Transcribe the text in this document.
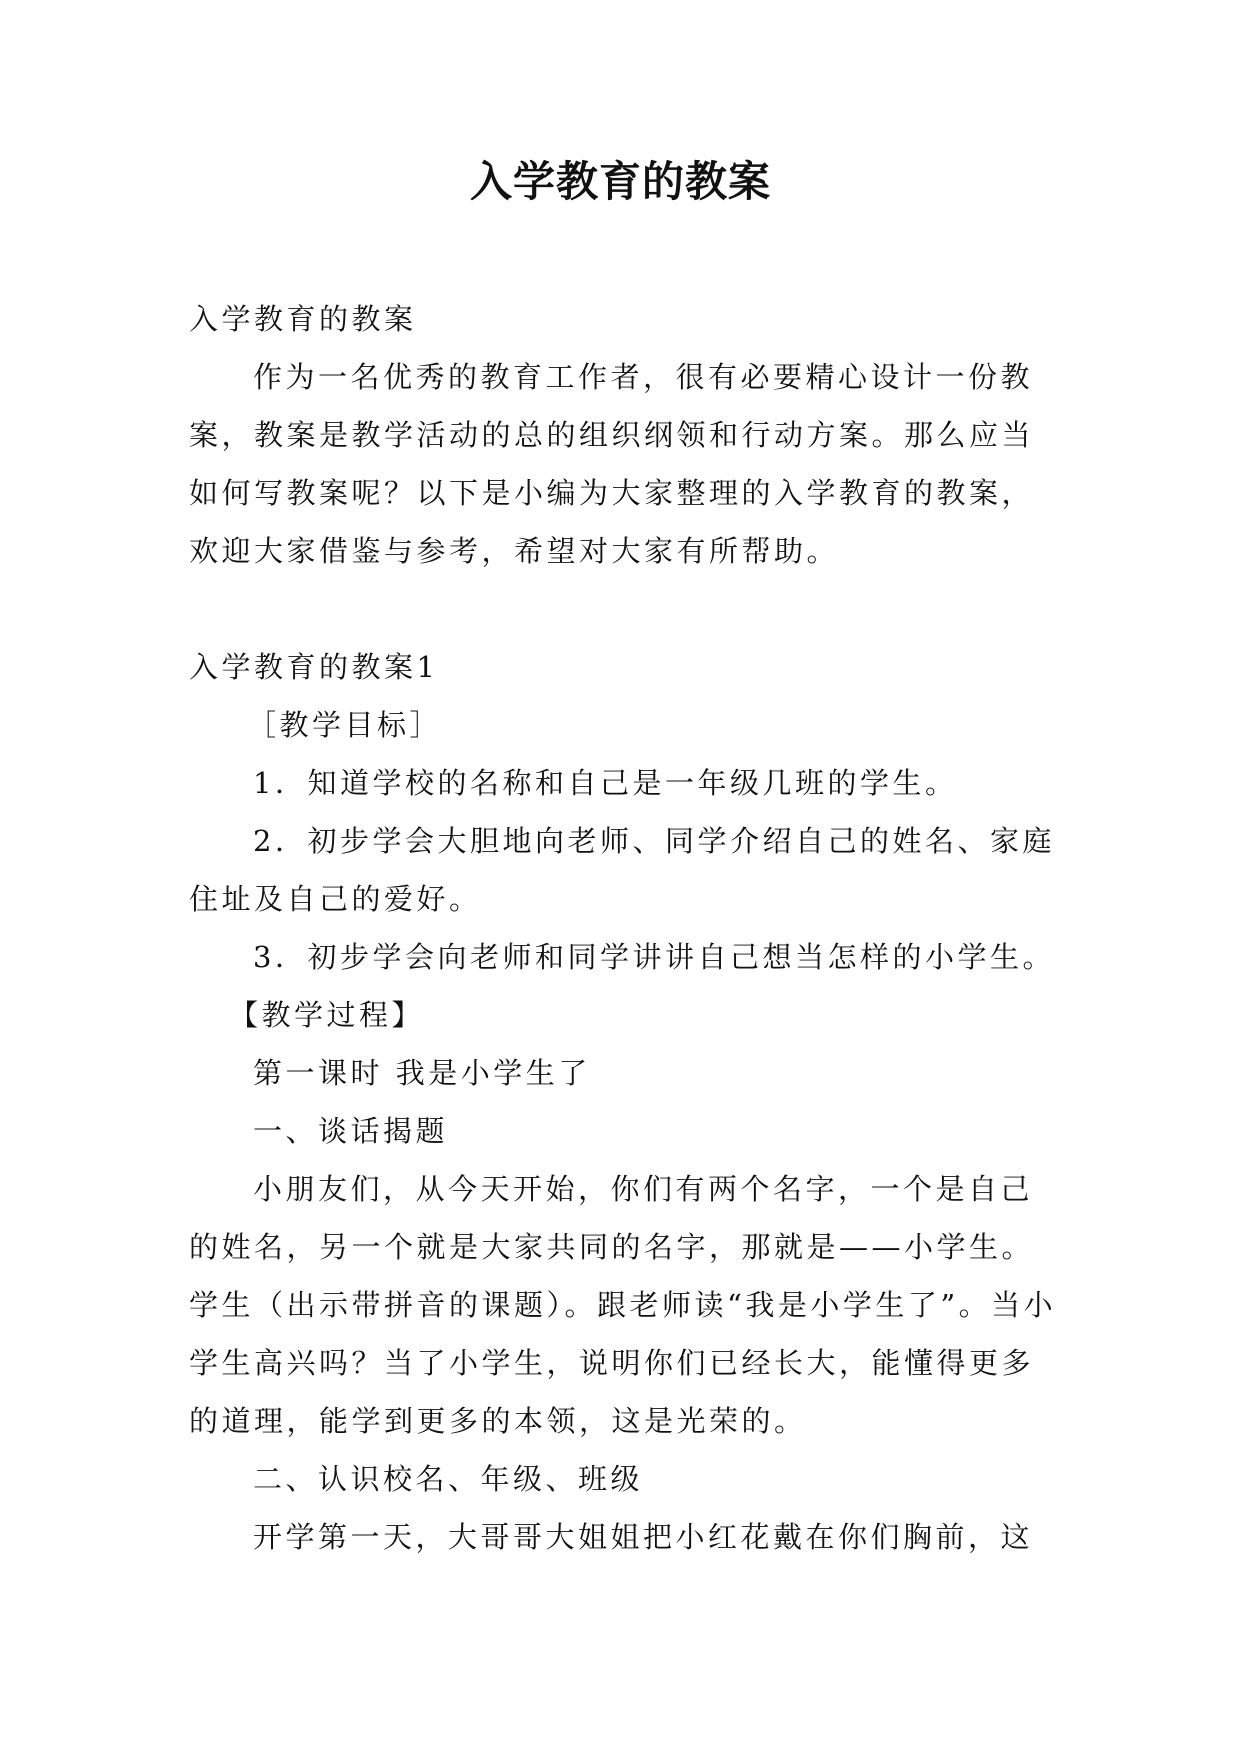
入学教育的教案

入学教育的教案

作为一名优秀的教育工作者，很有必要精心设计一份教案，教案是教学活动的总的组织纲领和行动方案。那么应当如何写教案呢？以下是小编为大家整理的入学教育的教案，欢迎大家借鉴与参考，希望对大家有所帮助。

入学教育的教案1

［教学目标］

1．知道学校的名称和自己是一年级几班的学生。

2．初步学会大胆地向老师、同学介绍自己的姓名、家庭住址及自己的爱好。

3．初步学会向老师和同学讲讲自己想当怎样的小学生。

【教学过程】

第一课时 我是小学生了

一、谈话揭题

小朋友们，从今天开始，你们有两个名字，一个是自己的姓名，另一个就是大家共同的名字，那就是——小学生。学生（出示带拼音的课题）。跟老师读“我是小学生了”。当小学生高兴吗？当了小学生，说明你们已经长大，能懂得更多的道理，能学到更多的本领，这是光荣的。

二、认识校名、年级、班级

开学第一天，大哥哥大姐姐把小红花戴在你们胸前，这
